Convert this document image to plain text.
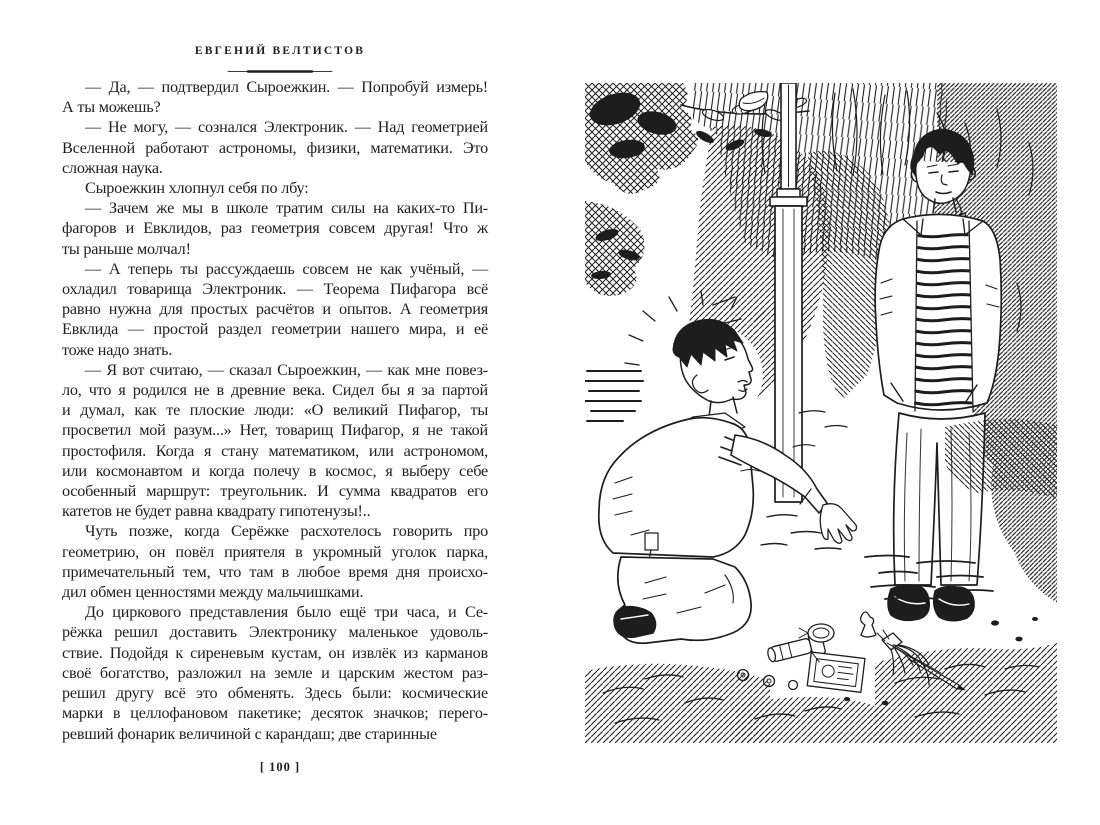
ЕВГЕНИЙ ВЕЛТИСТОВ

— Да, — подтвердил Сыроежкин. — Попробуй измерь!
А ты можешь?

— Не могу, — сознался Электроник. — Над геометрией
Вселенной работают астрономы, физики, математики. Это
сложная наука.

Сыроежкин хлопнул себя по лбу:

— Зачем же мы в школе тратим силы на каких-то Пи-
фагоров и Евклидов, раз геометрия совсем другая! Что ж
ты раньше молчал!

— А теперь ты рассуждаешь совсем не как учёный, —
охладил товарища Электроник. — Теорема Пифагора всё
равно нужна для простых расчётов и опытов. А геометрия
Евклида — простой раздел геометрии нашего мира, и её
тоже надо знать.

— Я вот считаю, — сказал Сыроежкин, — как мне повез-
ло, что я родился не в древние века. Сидел бы я за партой
и думал, как те плоские люди: «О великий Пифагор, ты
просветил мой разум...» Нет, товарищ Пифагор, я не такой
простофиля. Когда я стану математиком, или астрономом,
или космонавтом и когда полечу в космос, я выберу себе
особенный маршрут: треугольник. И сумма квадратов его
катетов не будет равна квадрату гипотенузы!..

Чуть позже, когда Серёжке расхотелось говорить про
геометрию, он повёл приятеля в укромный уголок парка,
примечательный тем, что там в любое время дня происхо-
дил обмен ценностями между мальчишками.

До циркового представления было ещё три часа, и Се-
рёжка решил доставить Электронику маленькое удоволь-
ствие. Подойдя к сиреневым кустам, он извлёк из карманов
своё богатство, разложил на земле и царским жестом раз-
решил другу всё это обменять. Здесь были: космические
марки в целлофановом пакетике; десяток значков; перего-
ревший фонарик величиной с карандаш; две старинные

[ 100 ]
